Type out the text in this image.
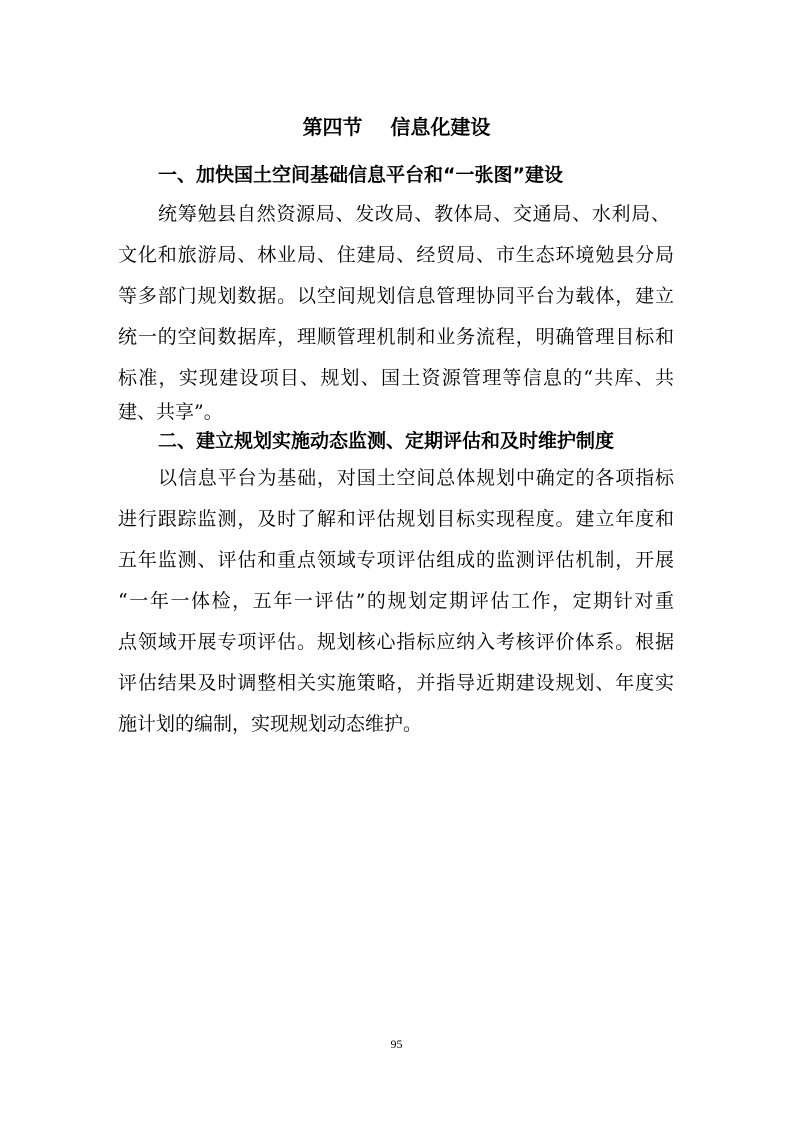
第四节    信息化建设
一、加快国土空间基础信息平台和“一张图”建设
统筹勉县自然资源局、发改局、教体局、交通局、水利局、
文化和旅游局、林业局、住建局、经贸局、市生态环境勉县分局
等多部门规划数据。以空间规划信息管理协同平台为载体，建立
统一的空间数据库，理顺管理机制和业务流程，明确管理目标和
标准，实现建设项目、规划、国土资源管理等信息的“共库、共
建、共享”。
二、建立规划实施动态监测、定期评估和及时维护制度
以信息平台为基础，对国土空间总体规划中确定的各项指标
进行跟踪监测，及时了解和评估规划目标实现程度。建立年度和
五年监测、评估和重点领域专项评估组成的监测评估机制，开展
“一年一体检，五年一评估”的规划定期评估工作，定期针对重
点领域开展专项评估。规划核心指标应纳入考核评价体系。根据
评估结果及时调整相关实施策略，并指导近期建设规划、年度实
施计划的编制，实现规划动态维护。
95
